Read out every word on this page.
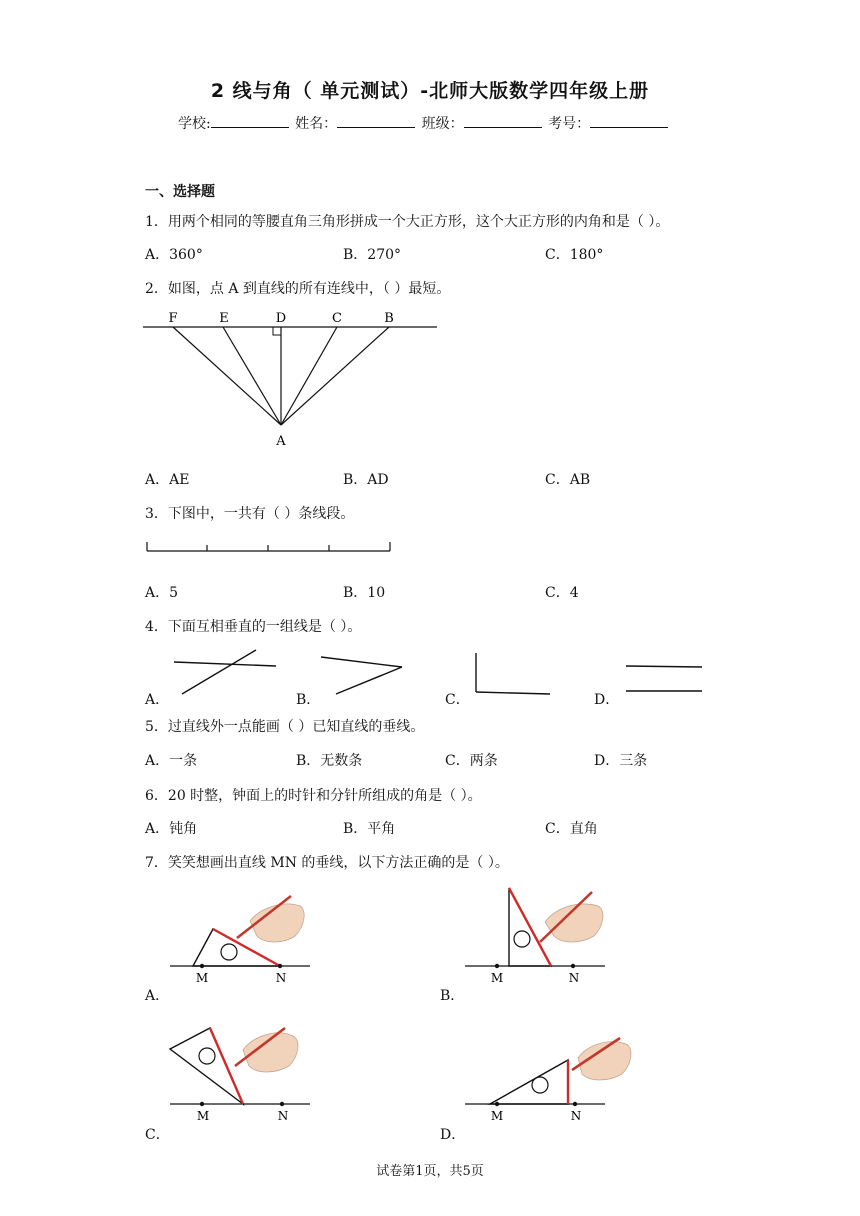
2 线与角（ 单元测试）-北师大版数学四年级上册
学校:	姓名：	班级：	考号：
一、选择题
1．用两个相同的等腰直角三角形拼成一个大正方形，这个大正方形的内角和是（ ）。
A．360°	B．270°	C．180°
2．如图，点 A 到直线的所有连线中，（ ）最短。
F	E	D	C	B
A
A．AE	B．AD	C．AB
3．下图中，一共有（ ）条线段。
A．5	B．10	C．4
4．下面互相垂直的一组线是（ ）。
A．	B．	C．	D．
5．过直线外一点能画（ ）已知直线的垂线。
A．一条	B．无数条	C．两条	D．三条
6．20 时整，钟面上的时针和分针所组成的角是（ ）。
A．钝角	B．平角	C．直角
7．笑笑想画出直线 MN 的垂线，以下方法正确的是（ ）。
M	N
A．
M	N
B．
M	N
C．
M	N
D．
试卷第1页，共5页
